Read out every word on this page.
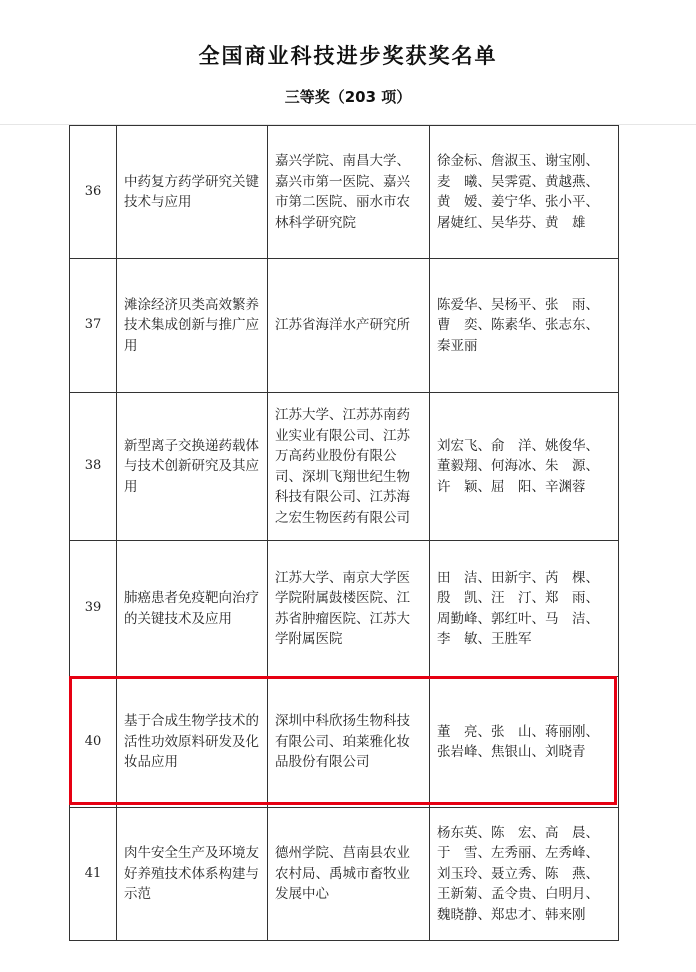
全国商业科技进步奖获奖名单
三等奖（203 项）
36	中药复方药学研究关键技术与应用	嘉兴学院、南昌大学、嘉兴市第一医院、嘉兴市第二医院、丽水市农林科学研究院	徐金标、詹淑玉、谢宝刚、麦　曦、吴霁霓、黄越燕、黄　嫒、姜宁华、张小平、屠婕红、吴华芬、黄　雄
37	滩涂经济贝类高效繁养技术集成创新与推广应用	江苏省海洋水产研究所	陈爱华、吴杨平、张　雨、曹　奕、陈素华、张志东、秦亚丽
38	新型离子交换递药载体与技术创新研究及其应用	江苏大学、江苏苏南药业实业有限公司、江苏万高药业股份有限公司、深圳飞翔世纪生物科技有限公司、江苏海之宏生物医药有限公司	刘宏飞、俞　洋、姚俊华、董毅翔、何海冰、朱　源、许　颖、屈　阳、辛渊蓉
39	肺癌患者免疫靶向治疗的关键技术及应用	江苏大学、南京大学医学院附属鼓楼医院、江苏省肿瘤医院、江苏大学附属医院	田　洁、田新宇、芮　棵、殷　凯、汪　汀、郑　雨、周勤峰、郭红叶、马　洁、李　敏、王胜军
40	基于合成生物学技术的活性功效原料研发及化妆品应用	深圳中科欣扬生物科技有限公司、珀莱雅化妆品股份有限公司	董　亮、张　山、蒋丽刚、张岩峰、焦银山、刘晓青
41	肉牛安全生产及环境友好养殖技术体系构建与示范	德州学院、莒南县农业农村局、禹城市畜牧业发展中心	杨东英、陈　宏、高　晨、于　雪、左秀丽、左秀峰、刘玉玲、聂立秀、陈　燕、王新菊、孟令贵、白明月、魏晓静、郑忠才、韩来刚
